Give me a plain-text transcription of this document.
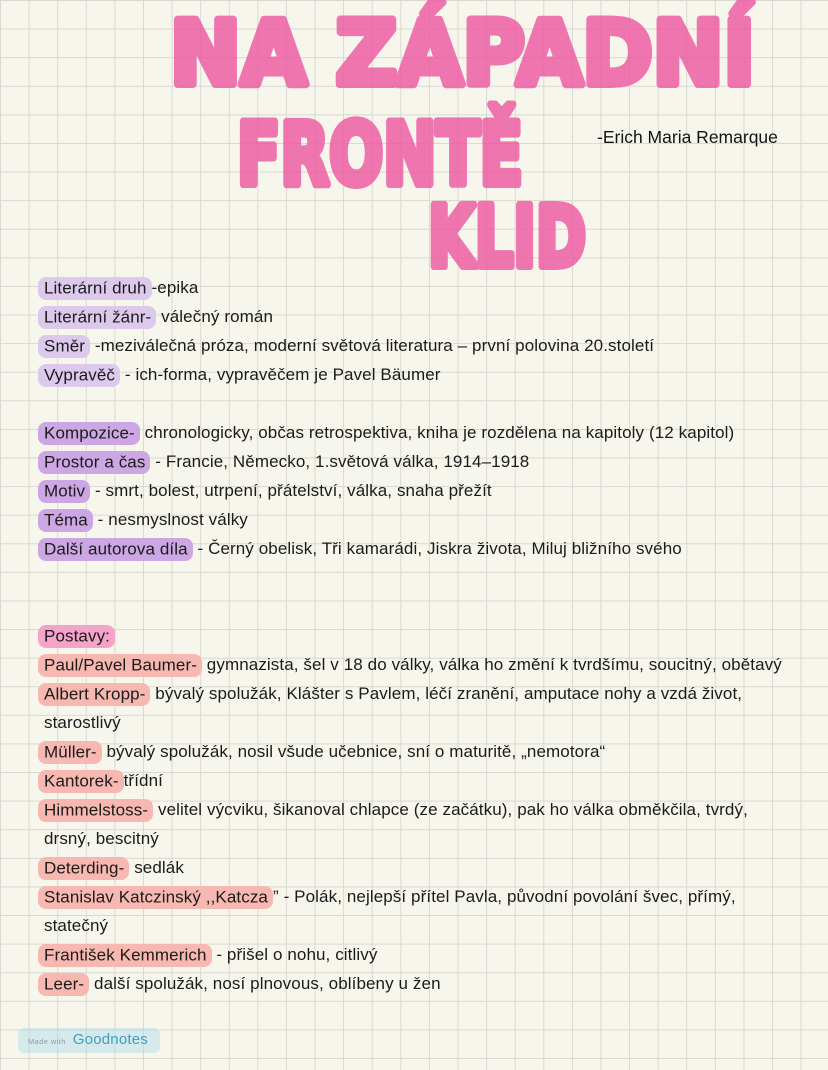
NA ZÁPADNÍ
FRONTĚ
KLID
-Erich Maria Remarque
Literární druh -epika
Literární žánr- válečný román
Směr -meziválečná próza, moderní světová literatura – první polovina 20.století
Vypravěč - ich-forma, vypravěčem je Pavel Bäumer
Kompozice- chronologicky, občas retrospektiva, kniha je rozdělena na kapitoly (12 kapitol)
Prostor a čas - Francie, Německo, 1.světová válka, 1914–1918
Motiv - smrt, bolest, utrpení, přátelství, válka, snaha přežít
Téma - nesmyslnost války
Další autorova díla - Černý obelisk, Tři kamarádi, Jiskra života, Miluj bližního svého
Postavy:
Paul/Pavel Baumer- gymnazista, šel v 18 do války, válka ho změní k tvrdšímu, soucitný, obětavý
Albert Kropp- bývalý spolužák, Klášter s Pavlem, léčí zranění, amputace nohy a vzdá život, starostlivý
Müller- bývalý spolužák, nosil všude učebnice, sní o maturitě, „nemotora“
Kantorek- třídní
Himmelstoss- velitel výcviku, šikanoval chlapce (ze začátku), pak ho válka obměkčila, tvrdý, drsný, bescitný
Deterding- sedlák
Stanislav Katczinský ,,Katcza ” - Polák, nejlepší přítel Pavla, původní povolání švec, přímý, statečný
František Kemmerich - přišel o nohu, citlivý
Leer- další spolužák, nosí plnovous, oblíbeny u žen
Made with Goodnotes
